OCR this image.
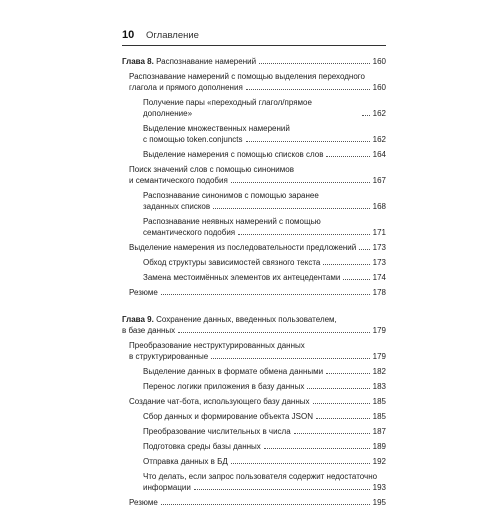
10 Оглавление
Глава 8. Распознавание намерений	160
Распознавание намерений с помощью выделения переходного
глагола и прямого дополнения	160
Получение пары «переходный глагол/прямое дополнение»	162
Выделение множественных намерений
с помощью token.conjuncts	162
Выделение намерения с помощью списков слов	164
Поиск значений слов с помощью синонимов
и семантического подобия	167
Распознавание синонимов с помощью заранее
заданных списков	168
Распознавание неявных намерений с помощью
семантического подобия	171
Выделение намерения из последовательности предложений 173
Обход структуры зависимостей связного текста	173
Замена местоимённых элементов их антецедентами	174
Резюме	178
Глава 9. Сохранение данных, введенных пользователем,
в базе данных	179
Преобразование неструктурированных данных
в структурированные	179
Выделение данных в формате обмена данными	182
Перенос логики приложения в базу данных	183
Создание чат-бота, использующего базу данных	185
Сбор данных и формирование объекта JSON	185
Преобразование числительных в числа	187
Подготовка среды базы данных	189
Отправка данных в БД	192
Что делать, если запрос пользователя содержит недостаточно
информации	193
Резюме	195
